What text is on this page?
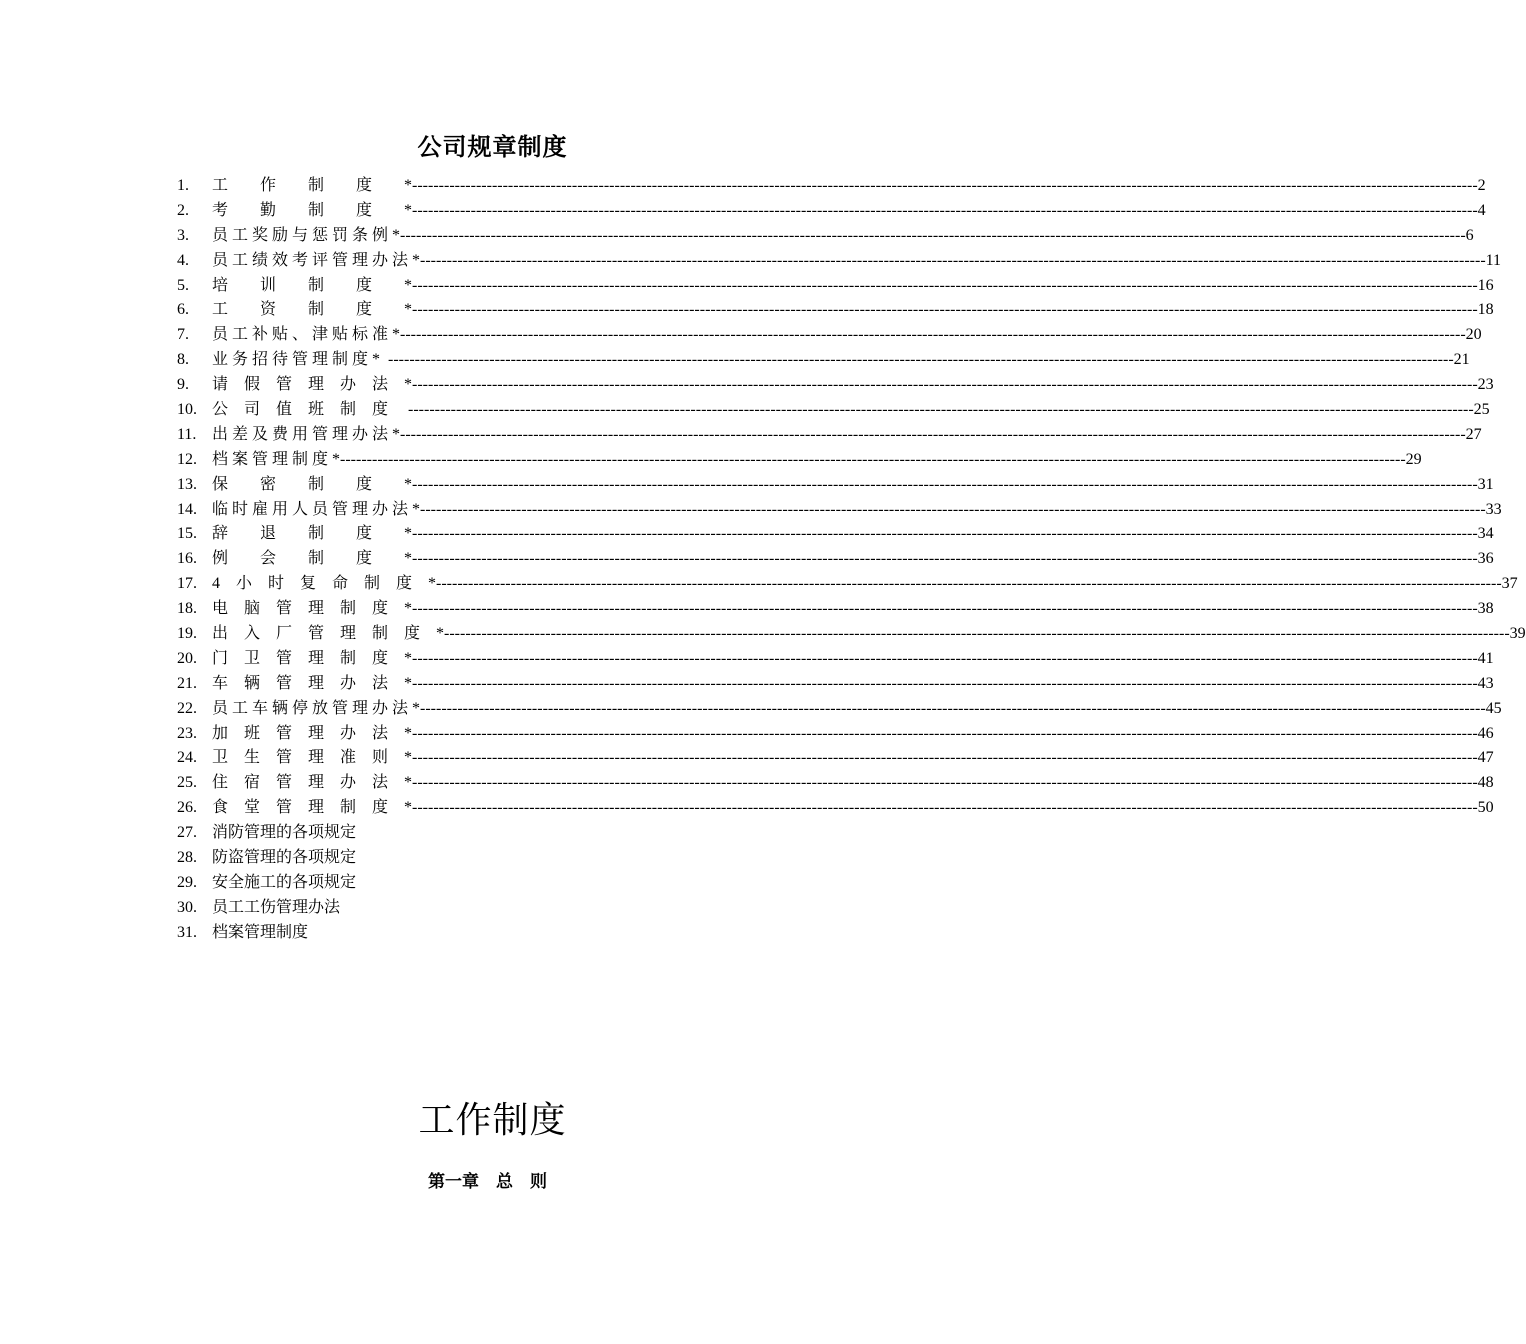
公司规章制度
1.	工　　作　　制　　度　　* -------------------------------------------------------------------------------------------------------------------------------------------------------------------------------------------------------- 2
2.	考　　勤　　制　　度　　* -------------------------------------------------------------------------------------------------------------------------------------------------------------------------------------------------------- 4
3.	员 工 奖 励 与 惩 罚 条 例 * -------------------------------------------------------------------------------------------------------------------------------------------------------------------------------------------------------- 6
4.	员 工 绩 效 考 评 管 理 办 法 * -------------------------------------------------------------------------------------------------------------------------------------------------------------------------------------------------------- 11
5.	培　　训　　制　　度　　* -------------------------------------------------------------------------------------------------------------------------------------------------------------------------------------------------------- 16
6.	工　　资　　制　　度　　* -------------------------------------------------------------------------------------------------------------------------------------------------------------------------------------------------------- 18
7.	员 工 补 贴 、 津 贴 标 准 * -------------------------------------------------------------------------------------------------------------------------------------------------------------------------------------------------------- 20
8.	业 务 招 待 管 理 制 度 * -------------------------------------------------------------------------------------------------------------------------------------------------------------------------------------------------------- 21
9.	请　假　管　理　办　法　* -------------------------------------------------------------------------------------------------------------------------------------------------------------------------------------------------------- 23
10. 公　司　值　班　制　度　 -------------------------------------------------------------------------------------------------------------------------------------------------------------------------------------------------------- 25
11. 出 差 及 费 用 管 理 办 法 * -------------------------------------------------------------------------------------------------------------------------------------------------------------------------------------------------------- 27
12. 档 案 管 理 制 度 * -------------------------------------------------------------------------------------------------------------------------------------------------------------------------------------------------------- 29
13. 保　　密　　制　　度　　* -------------------------------------------------------------------------------------------------------------------------------------------------------------------------------------------------------- 31
14. 临 时 雇 用 人 员 管 理 办 法 * -------------------------------------------------------------------------------------------------------------------------------------------------------------------------------------------------------- 33
15. 辞　　退　　制　　度　　* -------------------------------------------------------------------------------------------------------------------------------------------------------------------------------------------------------- 34
16. 例　　会　　制　　度　　* -------------------------------------------------------------------------------------------------------------------------------------------------------------------------------------------------------- 36
17. 4　小　时　复　命　制　度　* -------------------------------------------------------------------------------------------------------------------------------------------------------------------------------------------------------- 37
18. 电　脑　管　理　制　度　* -------------------------------------------------------------------------------------------------------------------------------------------------------------------------------------------------------- 38
19. 出　入　厂　管　理　制　度　* -------------------------------------------------------------------------------------------------------------------------------------------------------------------------------------------------------- 39
20. 门　卫　管　理　制　度　* -------------------------------------------------------------------------------------------------------------------------------------------------------------------------------------------------------- 41
21. 车　辆　管　理　办　法　* -------------------------------------------------------------------------------------------------------------------------------------------------------------------------------------------------------- 43
22. 员 工 车 辆 停 放 管 理 办 法 * -------------------------------------------------------------------------------------------------------------------------------------------------------------------------------------------------------- 45
23. 加　班　管　理　办　法　* -------------------------------------------------------------------------------------------------------------------------------------------------------------------------------------------------------- 46
24. 卫　生　管　理　准　则　* -------------------------------------------------------------------------------------------------------------------------------------------------------------------------------------------------------- 47
25. 住　宿　管　理　办　法　* -------------------------------------------------------------------------------------------------------------------------------------------------------------------------------------------------------- 48
26. 食　堂　管　理　制　度　* -------------------------------------------------------------------------------------------------------------------------------------------------------------------------------------------------------- 50
27. 消防管理的各项规定
28. 防盗管理的各项规定
29. 安全施工的各项规定
30. 员工工伤管理办法
31. 档案管理制度
工作制度
第一章　总　则
